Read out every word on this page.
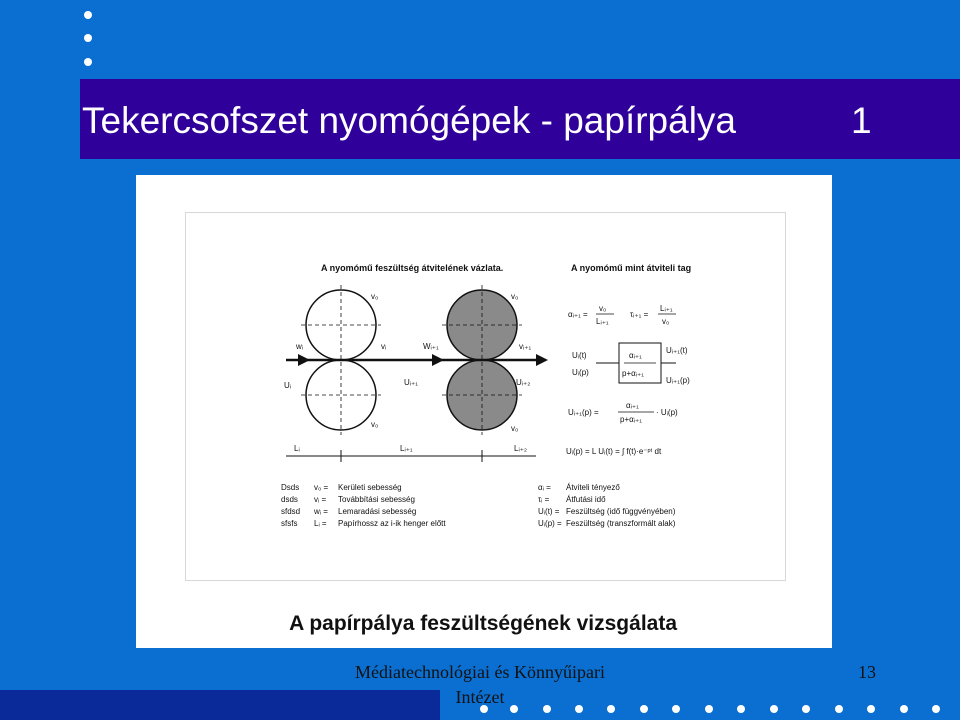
Tekercsofszet nyomógépek - papírpálya	1
A nyomómű feszültség átvitelének vázlata.	A nyomómű mint átviteli tag
v₀
wᵢ	vᵢ
Uᵢ
v₀
Wᵢ₊₁
Uᵢ₊₁
v₀
vᵢ₊₁
Uᵢ₊₂
v₀
Lᵢ	Lᵢ₊₁	Lᵢ₊₂
αᵢ₊₁ =
v₀
Lᵢ₊₁
τᵢ₊₁ =
Lᵢ₊₁
v₀
Uᵢ(t)
Uᵢ(p)
αᵢ₊₁
p+αᵢ₊₁
Uᵢ₊₁(t)
Uᵢ₊₁(p)
Uᵢ₊₁(p) =
αᵢ₊₁
p+αᵢ₊₁
· Uᵢ(p)
Uᵢ(p) = L Uᵢ(t) = ∫ f(t)·e⁻ᵖᵗ dt
Dsds v₀ = Kerületi sebesség
dsds vᵢ = Továbbítási sebesség
sfdsd wᵢ = Lemaradási sebesség
sfsfs Lᵢ = Papírhossz az i-ik henger előtt
αᵢ = Átviteli tényező
τᵢ = Átfutási idő
Uᵢ(t) = Feszültség (idő függvényében)
Uᵢ(p) = Feszültség (transzformált alak)
A papírpálya feszültségének vizsgálata
Médiatechnológiai és Könnyűipari
Intézet
13
